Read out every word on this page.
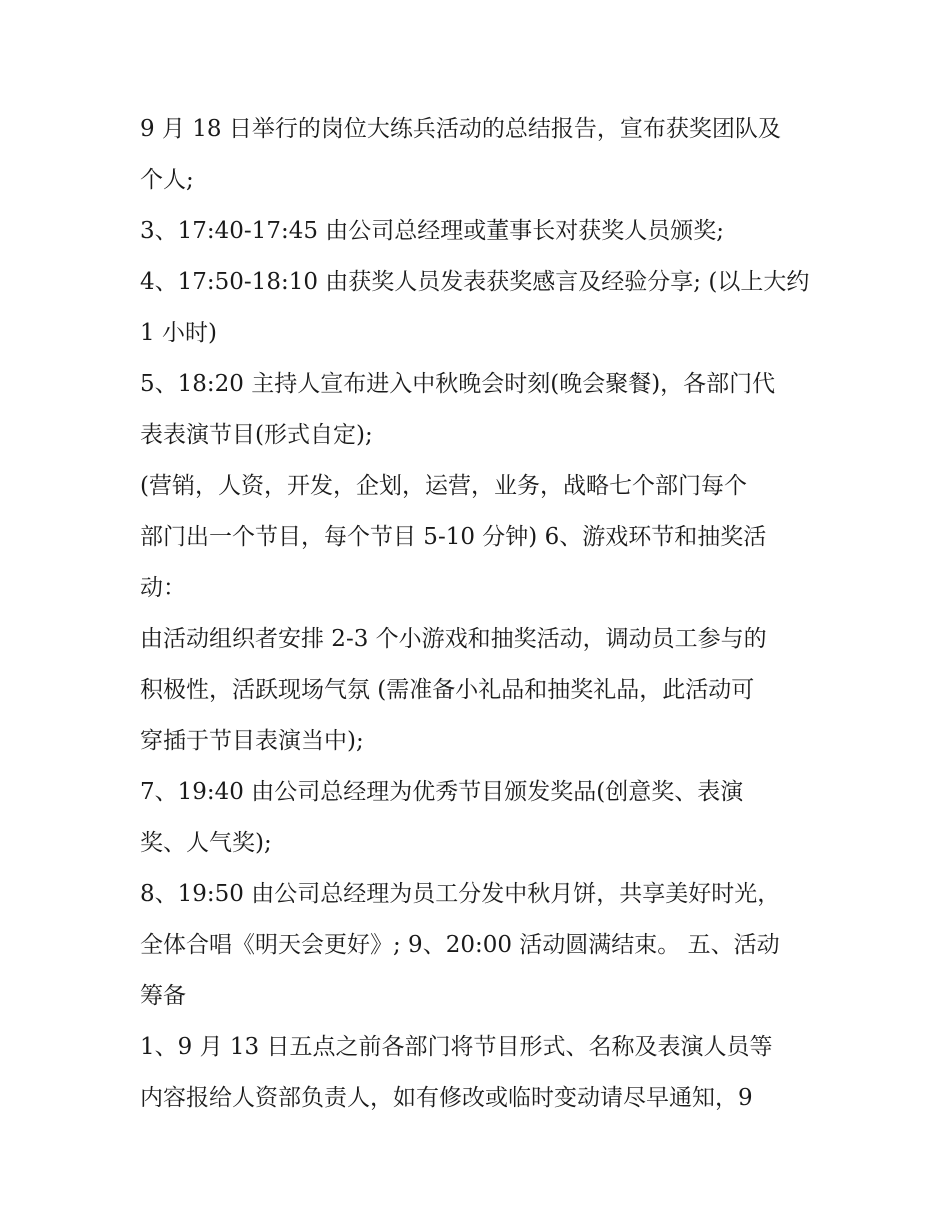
9 月 18 日举行的岗位大练兵活动的总结报告，宣布获奖团队及
个人;
3、17:40-17:45 由公司总经理或董事长对获奖人员颁奖;
4、17:50-18:10 由获奖人员发表获奖感言及经验分享; (以上大约
1 小时)
5、18:20 主持人宣布进入中秋晚会时刻(晚会聚餐)，各部门代
表表演节目(形式自定);
(营销，人资，开发，企划，运营，业务，战略七个部门每个
部门出一个节目，每个节目 5-10 分钟) 6、游戏环节和抽奖活
动：
由活动组织者安排 2-3 个小游戏和抽奖活动，调动员工参与的
积极性，活跃现场气氛 (需准备小礼品和抽奖礼品，此活动可
穿插于节目表演当中);
7、19:40 由公司总经理为优秀节目颁发奖品(创意奖、表演
奖、人气奖);
8、19:50 由公司总经理为员工分发中秋月饼，共享美好时光，
全体合唱《明天会更好》; 9、20:00 活动圆满结束。 五、活动
筹备
1、9 月 13 日五点之前各部门将节目形式、名称及表演人员等
内容报给人资部负责人，如有修改或临时变动请尽早通知，9
